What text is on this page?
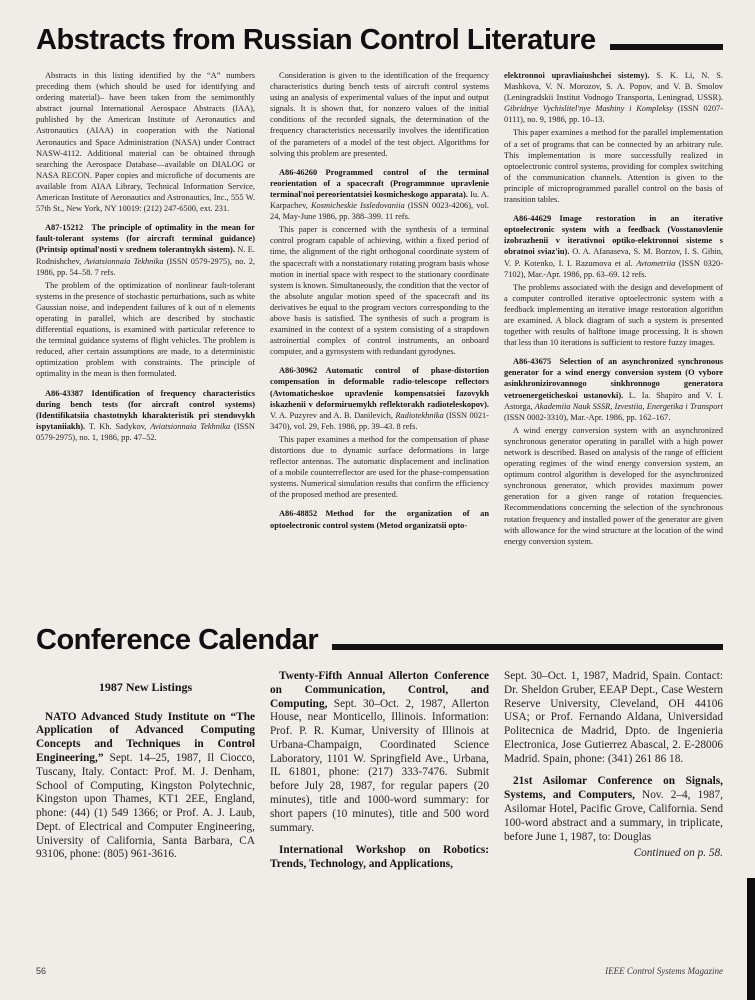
Abstracts from Russian Control Literature

Abstracts in this listing identified by the “A” numbers preceding them (which should be used for identifying and ordering material)– have been taken from the semimonthly abstract journal International Aerospace Abstracts (IAA), published by the American Institute of Aeronautics and Astronautics (AIAA) in cooperation with the National Aeronautics and Space Administration (NASA) under Contract NASW-4112. Additional material can be obtained through searching the Aerospace Database—available on DIALOG or NASA RECON. Paper copies and microfiche of documents are available from AIAA Library, Technical Information Service, American Institute of Aeronautics and Astronautics, Inc., 555 W. 57th St., New York, NY 10019: (212) 247-6500, ext. 231.

A87-15212  The principle of optimality in the mean for fault-tolerant systems (for aircraft terminal guidance) (Printsip optimal'nosti v srednem tolerantnykh sistem). N. E. Rodnishchev, Aviatsionnaia Tekhnika (ISSN 0579-2975), no. 2, 1986, pp. 54–58. 7 refs.

The problem of the optimization of nonlinear fault-tolerant systems in the presence of stochastic perturbations, such as white Gaussian noise, and independent failures of k out of n elements operating in parallel, which are described by stochastic differential equations, is examined with particular reference to the terminal guidance systems of flight vehicles. The problem is reduced, after certain assumptions are made, to a deterministic optimization problem with constraints. The principle of optimality in the mean is then formulated.

A86-43387  Identification of frequency characteristics during bench tests (for aircraft control systems) (Identifikatsiia chastotnykh kharakteristik pri stendovykh ispytaniiakh). T. Kh. Sadykov, Aviatsionnaia Tekhnika (ISSN 0579-2975), no. 1, 1986, pp. 47–52.

Consideration is given to the identification of the frequency characteristics during bench tests of aircraft control systems using an analysis of experimental values of the input and output signals. It is shown that, for nonzero values of the initial conditions of the recorded signals, the determination of the frequency characteristics necessarily involves the identification of the parameters of a model of the test object. Algorithms for solving this problem are presented.

A86-46260  Programmed control of the terminal reorientation of a spacecraft (Programmnoe upravlenie terminal'noi pereorientatsiei kosmicheskogo apparata). Iu. A. Karpachev, Kosmicheskie Issledovaniia (ISSN 0023-4206), vol. 24, May-June 1986, pp. 388–399. 11 refs.

This paper is concerned with the synthesis of a terminal control program capable of achieving, within a fixed period of time, the alignment of the right orthogonal coordinate system of the spacecraft with a nonstationary rotating program basis whose motion in inertial space with respect to the stationary coordinate system is known. Simultaneously, the condition that the vector of the absolute angular motion speed of the spacecraft and its derivatives be equal to the program vectors corresponding to the above basis is satisfied. The synthesis of such a program is examined in the context of a system consisting of a strapdown astroinertial complex of control instruments, an onboard computer, and a gyrosystem with redundant gyrodynes.

A86-30962  Automatic control of phase-distortion compensation in deformable radio-telescope reflectors (Avtomaticheskoe upravlenie kompensatsiei fazovykh iskazhenii v deformiruemykh reflektorakh radioteleskopov). V. A. Puzyrev and A. B. Danilevich, Radiotekhnika (ISSN 0021-3470), vol. 29, Feb. 1986, pp. 39–43. 8 refs.

This paper examines a method for the compensation of phase distortions due to dynamic surface deformations in large reflector antennas. The automatic displacement and inclination of a mobile counterreflector are used for the phase-compensation systems. Numerical simulation results that confirm the efficiency of the proposed method are presented.

A86-48852  Method for the organization of an optoelectronic control system (Metod organizatsii opto-

elektronnoi upravliaiushchei sistemy). S. K. Li, N. S. Mashkova, V. N. Morozov, S. A. Popov, and V. B. Smolov (Leningradskii Institut Vodnogo Transporta, Leningrad, USSR). Gibridnye Vychislitel'nye Mashiny i Kompleksy (ISSN 0207-0111), no. 9, 1986, pp. 10–13.

This paper examines a method for the parallel implementation of a set of programs that can be connected by an arbitrary rule. This implementation is more successfully realized in optoelectronic control systems, providing for complex switching of the communication channels. Attention is given to the principle of microprogrammed parallel control on the basis of transition tables.

A86-44629  Image restoration in an iterative optoelectronic system with a feedback (Vosstanovlenie izobrazhenii v iterativnoi optiko-elektronnoi sisteme s obratnoi sviaz'iu). O. A. Afanaseva, S. M. Borzov, I. S. Gibin, V. P. Kotenko, I. I. Razumova et al. Avtometriia (ISSN 0320-7102), Mar.-Apr. 1986, pp. 63–69. 12 refs.

The problems associated with the design and development of a computer controlled iterative optoelectronic system with a feedback implementing an iterative image restoration algorithm are examined. A block diagram of such a system is presented together with results of halftone image processing. It is shown that less than 10 iterations is sufficient to restore fuzzy images.

A86-43675  Selection of an asynchronized synchronous generator for a wind energy conversion system (O vybore asinkhronizirovannogo sinkhronnogo generatora vetroenergeticheskoi ustanovki). L. Ia. Shapiro and V. I. Astorga, Akademiia Nauk SSSR, Izvestiia, Energetika i Transport (ISSN 0002-3310), Mar.-Apr. 1986, pp. 162–167.

A wind energy conversion system with an asynchronized synchronous generator operating in parallel with a high power network is described. Based on analysis of the range of efficient operating regimes of the wind energy conversion system, an optimum control algorithm is developed for the asynchronized synchronous generator, which provides maximum power generation for a given range of rotation frequencies. Recommendations concerning the selection of the synchronous rotation frequency and installed power of the generator are given with allowance for the wind structure at the location of the wind energy conversion system.

Conference Calendar

1987 New Listings

NATO Advanced Study Institute on “The Application of Advanced Computing Concepts and Techniques in Control Engineering,” Sept. 14–25, 1987, Il Ciocco, Tuscany, Italy. Contact: Prof. M. J. Denham, School of Computing, Kingston Polytechnic, Kingston upon Thames, KT1 2EE, England, phone: (44) (1) 549 1366; or Prof. A. J. Laub, Dept. of Electrical and Computer Engineering, University of California, Santa Barbara, CA 93106, phone: (805) 961-3616.

Twenty-Fifth Annual Allerton Conference on Communication, Control, and Computing, Sept. 30–Oct. 2, 1987, Allerton House, near Monticello, Illinois. Information: Prof. P. R. Kumar, University of Illinois at Urbana-Champaign, Coordinated Science Laboratory, 1101 W. Springfield Ave., Urbana, IL 61801, phone: (217) 333-7476. Submit before July 28, 1987, for regular papers (20 minutes), title and 1000-word summary: for short papers (10 minutes), title and 500 word summary.

International Workshop on Robotics: Trends, Technology, and Applications,

Sept. 30–Oct. 1, 1987, Madrid, Spain. Contact: Dr. Sheldon Gruber, EEAP Dept., Case Western Reserve University, Cleveland, OH 44106 USA; or Prof. Fernando Aldana, Universidad Politecnica de Madrid, Dpto. de Ingenieria Electronica, Jose Gutierrez Abascal, 2. E-28006 Madrid. Spain, phone: (341) 261 86 18.

21st Asilomar Conference on Signals, Systems, and Computers, Nov. 2–4, 1987, Asilomar Hotel, Pacific Grove, California. Send 100-word abstract and a summary, in triplicate, before June 1, 1987, to: Douglas

Continued on p. 58.

56	IEEE Control Systems Magazine
